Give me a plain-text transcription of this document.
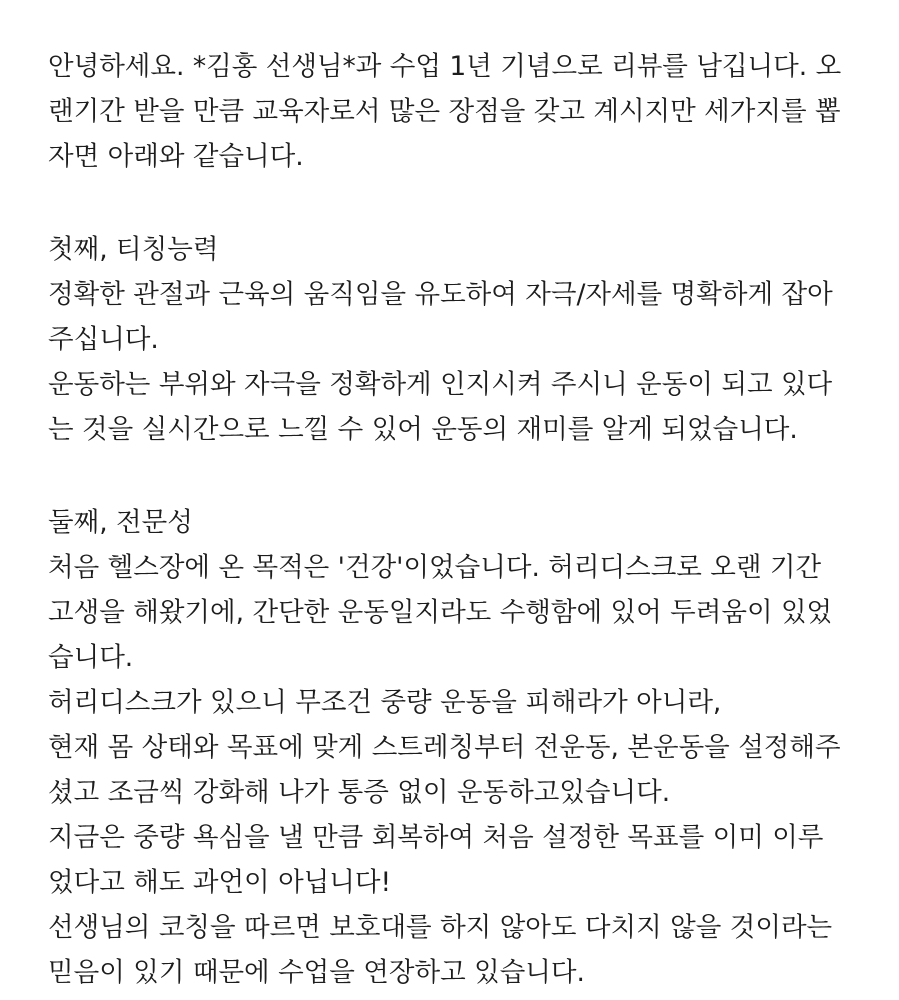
안녕하세요. *김홍 선생님*과 수업 1년 기념으로 리뷰를 남깁니다. 오
랜기간 받을 만큼 교육자로서 많은 장점을 갖고 계시지만 세가지를 뽑
자면 아래와 같습니다.
첫째, 티칭능력
정확한 관절과 근육의 움직임을 유도하여 자극/자세를 명확하게 잡아
주십니다.
운동하는 부위와 자극을 정확하게 인지시켜 주시니 운동이 되고 있다
는 것을 실시간으로 느낄 수 있어 운동의 재미를 알게 되었습니다.
둘째, 전문성
처음 헬스장에 온 목적은 '건강'이었습니다. 허리디스크로 오랜 기간
고생을 해왔기에, 간단한 운동일지라도 수행함에 있어 두려움이 있었
습니다.
허리디스크가 있으니 무조건 중량 운동을 피해라가 아니라,
현재 몸 상태와 목표에 맞게 스트레칭부터 전운동, 본운동을 설정해주
셨고 조금씩 강화해 나가 통증 없이 운동하고있습니다.
지금은 중량 욕심을 낼 만큼 회복하여 처음 설정한 목표를 이미 이루
었다고 해도 과언이 아닙니다!
선생님의 코칭을 따르면 보호대를 하지 않아도 다치지 않을 것이라는
믿음이 있기 때문에 수업을 연장하고 있습니다.
